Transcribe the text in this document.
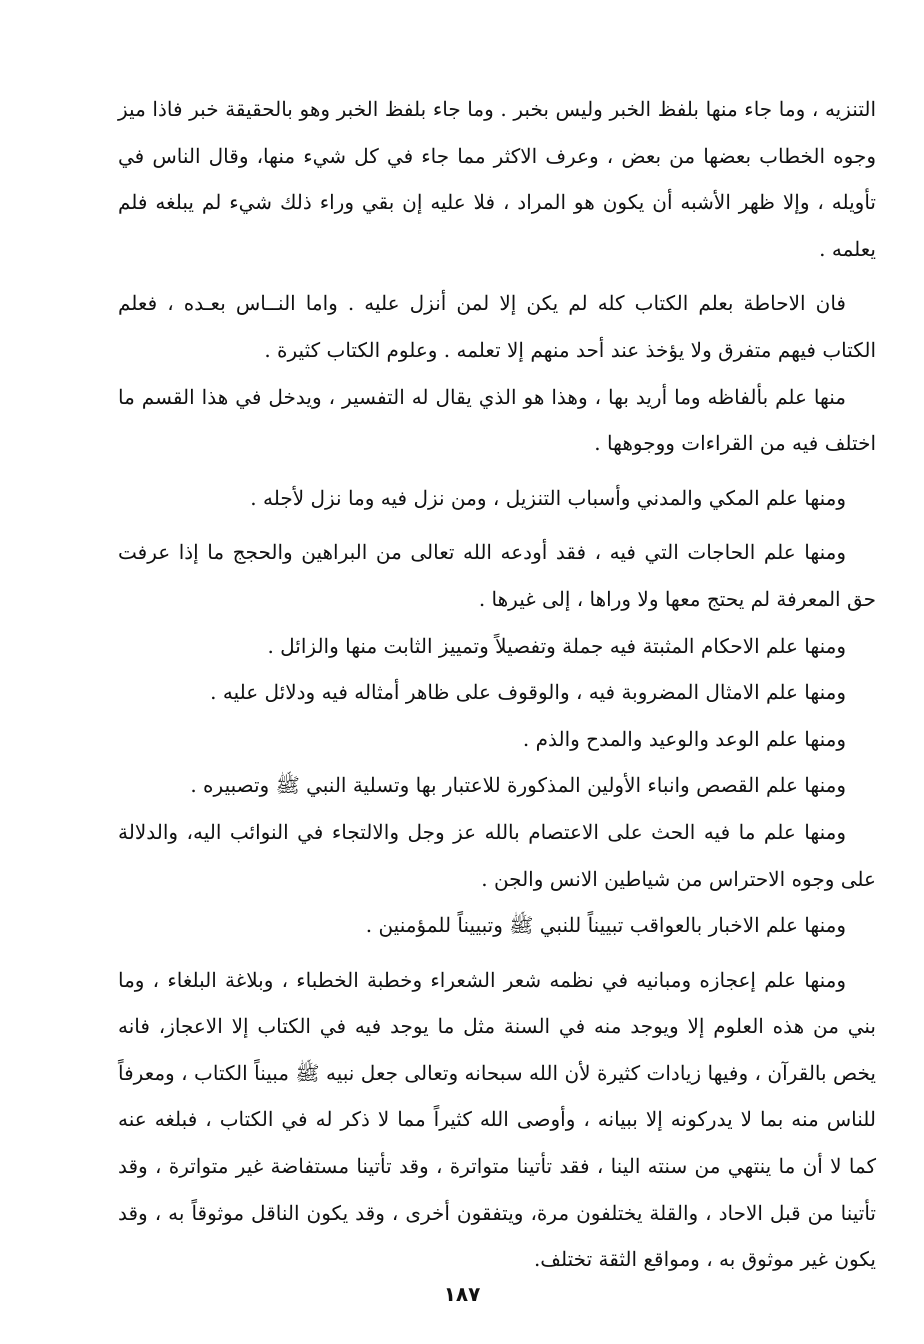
التنزيه ، وما جاء منها بلفظ الخبر وليس بخبر . وما جاء بلفظ الخبر وهو بالحقيقة خبر فاذا ميز وجوه الخطاب بعضها من بعض ، وعرف الاكثر مما جاء في كل شيء منها، وقال الناس في تأويله ، وإلا ظهر الأشبه أن يكون هو المراد ، فلا عليه إن بقي وراء ذلك شيء لم يبلغه فلم يعلمه .

فان الاحاطة بعلم الكتاب كله لم يكن إلا لمن أنزل عليه . واما النــاس بعـده ، فعلم الكتاب فيهم متفرق ولا يؤخذ عند أحد منهم إلا تعلمه . وعلوم الكتاب كثيرة .

منها علم بألفاظه وما أريد بها ، وهذا هو الذي يقال له التفسير ، ويدخل في هذا القسم ما اختلف فيه من القراءات ووجوهها .

ومنها علم المكي والمدني وأسباب التنزيل ، ومن نزل فيه وما نزل لأجله .

ومنها علم الحاجات التي فيه ، فقد أودعه الله تعالى من البراهين والحجج ما إذا عرفت حق المعرفة لم يحتج معها ولا وراها ، إلى غيرها .

ومنها علم الاحكام المثبتة فيه جملة وتفصيلاً وتمييز الثابت منها والزائل .

ومنها علم الامثال المضروبة فيه ، والوقوف على ظاهر أمثاله فيه ودلائل عليه .

ومنها علم الوعد والوعيد والمدح والذم .

ومنها علم القصص وانباء الأولين المذكورة للاعتبار بها وتسلية النبي ﷺ وتصبيره .

ومنها علم ما فيه الحث على الاعتصام بالله عز وجل والالتجاء في النوائب اليه، والدلالة على وجوه الاحتراس من شياطين الانس والجن .

ومنها علم الاخبار بالعواقب تبييناً للنبي ﷺ وتبييناً للمؤمنين .

ومنها علم إعجازه ومبانيه في نظمه شعر الشعراء وخطبة الخطباء ، وبلاغة البلغاء ، وما بني من هذه العلوم إلا ويوجد منه في السنة مثل ما يوجد فيه في الكتاب إلا الاعجاز، فانه يخص بالقرآن ، وفيها زيادات كثيرة لأن الله سبحانه وتعالى جعل نبيه ﷺ مبيناً الكتاب ، ومعرفاً للناس منه بما لا يدركونه إلا ببيانه ، وأوصى الله كثيراً مما لا ذكر له في الكتاب ، فبلغه عنه كما لا أن ما ينتهي من سنته الينا ، فقد تأتينا متواترة ، وقد تأتينا مستفاضة غير متواترة ، وقد تأتينا من قبل الاحاد ، والقلة يختلفون مرة، ويتفقون أخرى ، وقد يكون الناقل موثوقاً به ، وقد يكون غير موثوق به ، ومواقع الثقة تختلف.

١٨٧
